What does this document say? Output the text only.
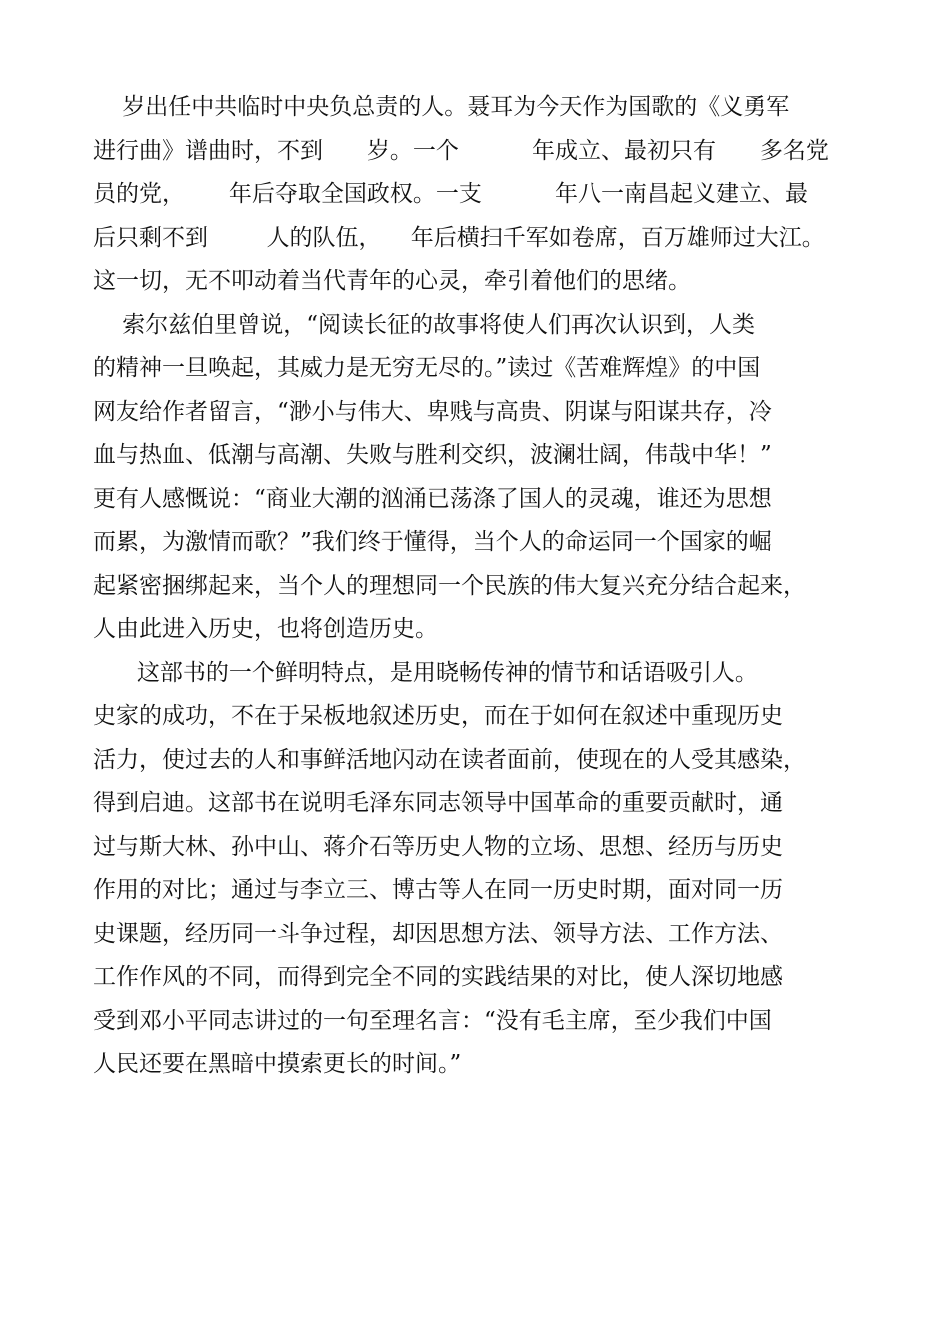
岁出任中共临时中央负总责的人。聂耳为今天作为国歌的《义勇军
进行曲》谱曲时，不到      岁。一个          年成立、最初只有      多名党
员的党，      年后夺取全国政权。一支          年八一南昌起义建立、最
后只剩不到        人的队伍，    年后横扫千军如卷席，百万雄师过大江。
这一切，无不叩动着当代青年的心灵，牵引着他们的思绪。

索尔兹伯里曾说，“阅读长征的故事将使人们再次认识到，人类
的精神一旦唤起，其威力是无穷无尽的。”读过《苦难辉煌》的中国
网友给作者留言，“渺小与伟大、卑贱与高贵、阴谋与阳谋共存，冷
血与热血、低潮与高潮、失败与胜利交织，波澜壮阔，伟哉中华！”
更有人感慨说：“商业大潮的汹涌已荡涤了国人的灵魂，谁还为思想
而累，为激情而歌？”我们终于懂得，当个人的命运同一个国家的崛
起紧密捆绑起来，当个人的理想同一个民族的伟大复兴充分结合起来，
人由此进入历史，也将创造历史。

这部书的一个鲜明特点，是用晓畅传神的情节和话语吸引人。
史家的成功，不在于呆板地叙述历史，而在于如何在叙述中重现历史
活力，使过去的人和事鲜活地闪动在读者面前，使现在的人受其感染，
得到启迪。这部书在说明毛泽东同志领导中国革命的重要贡献时，通
过与斯大林、孙中山、蒋介石等历史人物的立场、思想、经历与历史
作用的对比；通过与李立三、博古等人在同一历史时期，面对同一历
史课题，经历同一斗争过程，却因思想方法、领导方法、工作方法、
工作作风的不同，而得到完全不同的实践结果的对比，使人深切地感
受到邓小平同志讲过的一句至理名言：“没有毛主席，至少我们中国
人民还要在黑暗中摸索更长的时间。”
